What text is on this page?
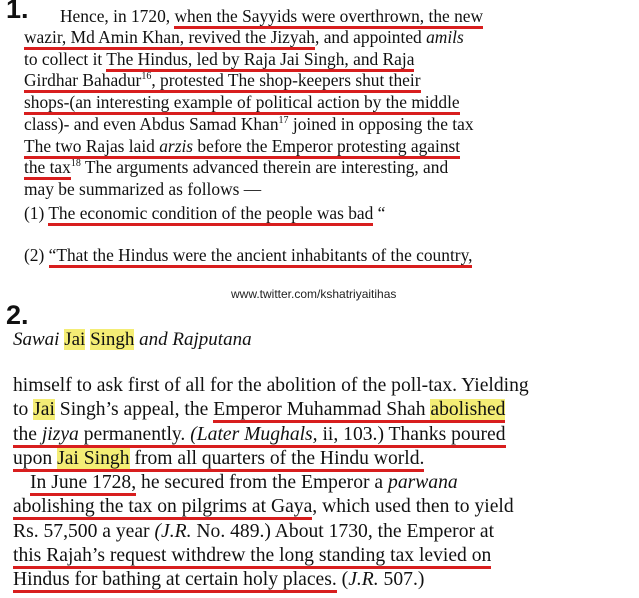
1. Hence, in 1720, when the Sayyids were overthrown, the new
wazir, Md Amin Khan, revived the Jizyah, and appointed amils
to collect it The Hindus, led by Raja Jai Singh, and Raja
Girdhar Bahadur$^{16}$, protested The shop-keepers shut their
shops-(an interesting example of political action by the middle
class)- and even Abdus Samad Khan$^{17}$ joined in opposing the tax
The two Rajas laid arzis before the Emperor protesting against
the tax$^{18}$ The arguments advanced therein are interesting, and
may be summarized as follows —
(1) The economic condition of the people was bad “
(2) “That the Hindus were the ancient inhabitants of the country,
www.twitter.com/kshatriyaitihas
2.
Sawai Jai Singh and Rajputana
himself to ask first of all for the abolition of the poll-tax. Yielding
to Jai Singh’s appeal, the Emperor Muhammad Shah abolished
the jizya permanently. (Later Mughals, ii, 103.) Thanks poured
upon Jai Singh from all quarters of the Hindu world.
In June 1728, he secured from the Emperor a parwana
abolishing the tax on pilgrims at Gaya, which used then to yield
Rs. 57,500 a year (J.R. No. 489.) About 1730, the Emperor at
this Rajah’s request withdrew the long standing tax levied on
Hindus for bathing at certain holy places. (J.R. 507.)
